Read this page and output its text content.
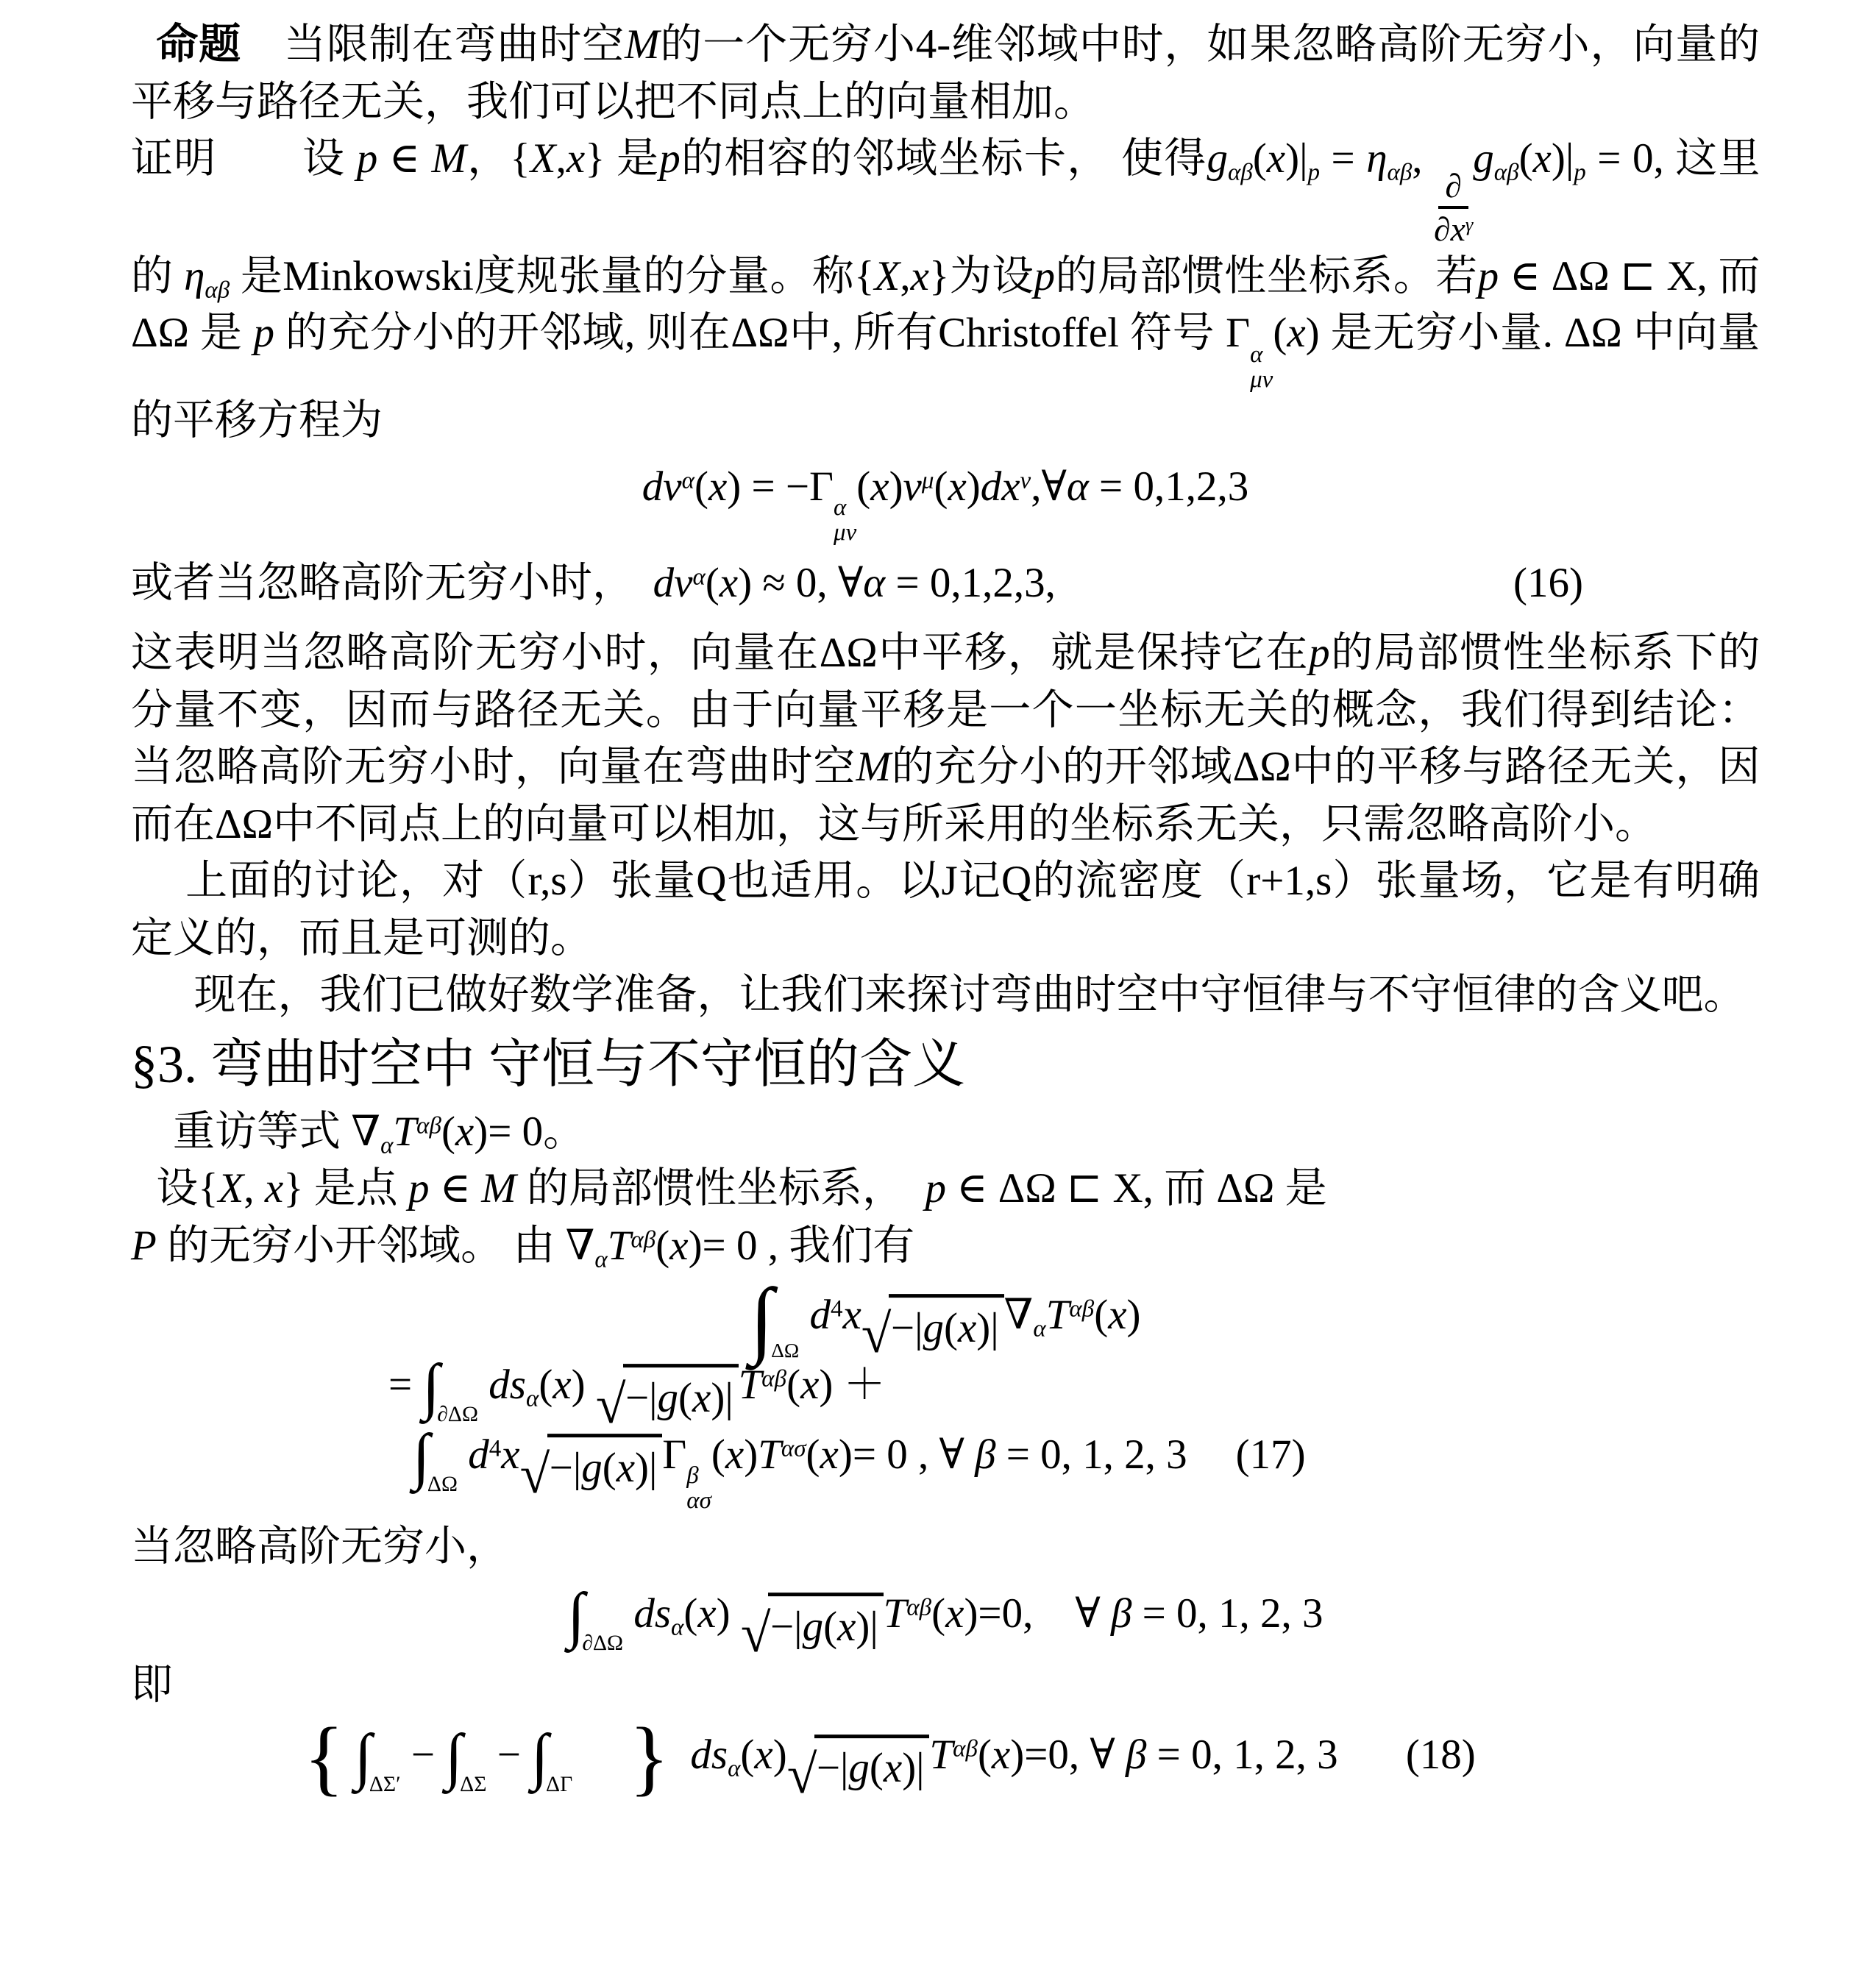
命题　 当限制在弯曲时空M的一个无穷小4-维邻域中时，如果忽略高阶无穷小，向量的平移与路径无关，我们可以把不同点上的向量相加。

证明　　 设 p ∈ M，{X,x} 是p的相容的邻域坐标卡， 使得$g_{\alpha\beta}(x)|_p = \eta_{\alpha\beta}$,
$\frac{\partial}{\partial x^\gamma}$
$g_{\alpha\beta}(x)|_p = 0$, 这里的 $\eta_{\alpha\beta}$ 是Minkowski度规张量的分量。称{X,x}为设p的局部惯性坐标系。若p ∈ ΔΩ ⊏ X, 而 ΔΩ 是 p 的充分小的开邻域, 则在ΔΩ中, 所有Christoffel 符号 Γ α
μν
(x) 是无穷小量. ΔΩ 中向量的平移方程为

$dv^\alpha(x) = -\Gamma$ α
μν
$(x)v^\mu(x)dx^\nu,\forall\alpha = 0,1,2,3$
或者当忽略高阶无穷小时， $dv^\alpha(x) \approx 0$, ∀α = 0,1,2,3,	(16)

这表明当忽略高阶无穷小时，向量在ΔΩ中平移，就是保持它在p的局部惯性坐标系下的分量不变，因而与路径无关。由于向量平移是一个一坐标无关的概念，我们得到结论：当忽略高阶无穷小时，向量在弯曲时空M的充分小的开邻域ΔΩ中的平移与路径无关，因而在ΔΩ中不同点上的向量可以相加，这与所采用的坐标系无关，只需忽略高阶小。

上面的讨论，对（r,s）张量Q也适用。以J记Q的流密度（r+1,s）张量场，它是有明确定义的，而且是可测的。

现在，我们已做好数学准备，让我们来探讨弯曲时空中守恒律与不守恒律的含义吧。

§3. 弯曲时空中 守恒与不守恒的含义

重访等式 $\nabla_\alpha T^{\alpha\beta}(x)= 0$。

设{X, x} 是点 p ∈ M 的局部惯性坐标系，　 p ∈ ΔΩ ⊏ X, 而 ΔΩ 是

P 的无穷小开邻域。 由 $\nabla_\alpha T^{\alpha\beta}(x)= 0$ , 我们有

$\int_{\Delta\Omega}$ $d^4x$ √ −|g(x)| $\nabla_\alpha T^{\alpha\beta}(x)$
= $\int_{\partial\Delta\Omega}$ $ds_\alpha(x)$ √ −|g(x)| $T^{\alpha\beta}(x)$ ＋
$\int_{\Delta\Omega}$ $d^4x$ √ −|g(x)| Γ β
ασ
$(x)T^{\alpha\sigma}(x)= 0$ , ∀ β = 0, 1, 2, 3 (17)

当忽略高阶无穷小，

$\int_{\partial\Delta\Omega}$ $ds_\alpha(x)$ √ −|g(x)| $T^{\alpha\beta}(x)=0$,　 ∀ β = 0, 1, 2, 3

即

{ $\int_{\Delta\Sigma'} - \int_{\Delta\Sigma} - \int_{\Delta\Gamma}$ } $ds_\alpha(x)$ √ −|g(x)| $T^{\alpha\beta}(x)=0$, ∀ β = 0, 1, 2, 3 (18)
